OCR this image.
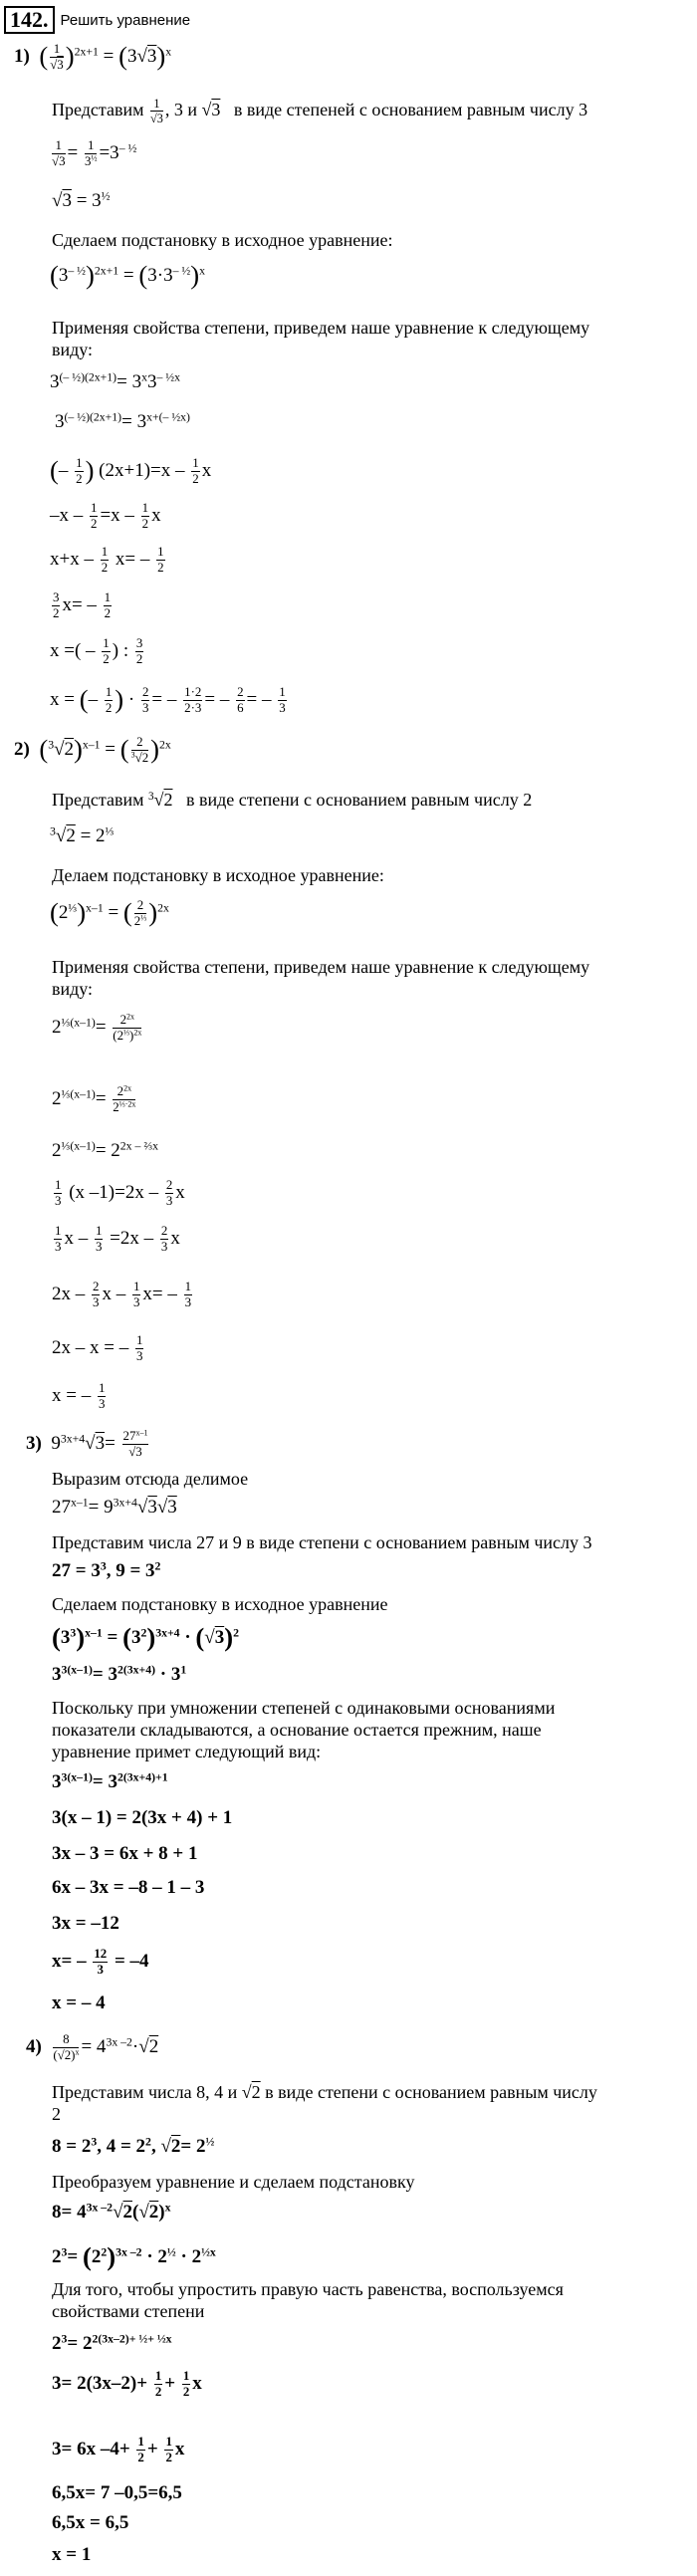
142. Решить уравнение
1) ( $\frac{1}{√3} )^{2x+1} = (3√3)^x$
Представим $\frac{1}{√3}$ , 3 и √3 в виде степеней с основанием равным числу 3
$\frac{1}{√3} = \frac{1}{3^{\frac{1}{2}}} =3^{- \frac{1}{2}}$
$√3 = 3^{\frac{1}{2}}$
Сделаем подстановку в исходное уравнение:
$(3^{- \frac{1}{2}})^{2x+1} = (3\cdot 3^{- \frac{1}{2}})^x$
Применяя свойства степени, приведем наше уравнение к следующему
виду:
$3^{(- \frac{1}{2})(2x+1)}= 3^x3^{- \frac{1}{2}x}$
$3^{(- \frac{1}{2})(2x+1)}= 3^{x+(- \frac{1}{2}x)}$
(– $\frac{1}{2}$ ) $(2x+1)=x - \frac{1}{2}$ x
$-x - \frac{1}{2} =x - \frac{1}{2}$ x
$x+x - \frac{1}{2} x= - \frac{1}{2}$
$\frac{3}{2} x= - \frac{1}{2}$
x =( – $\frac{1}{2}$ ) : $\frac{3}{2}$
x = (– $\frac{1}{2}$ ) · $\frac{2}{3}$ = – $\frac{1\cdot 2}{2\cdot 3}$ = – $\frac{2}{6}$ = – $\frac{1}{3}$
2) $(^3√2)^{x-1}$ = ( $\frac{2}{^3√2} )^{2x}$
Представим $^3$√2 в виде степени с основанием равным числу 2
$^3√2 = 2^{\frac{1}{3}}$
Делаем подстановку в исходное уравнение:
$(2^{\frac{1}{3}})^{x-1}$ = ( $\frac{2}{2^{\frac{1}{3}}} )^{2x}$
Применяя свойства степени, приведем наше уравнение к следующему
виду:
$2^{\frac{1}{3}(x-1)}= \frac{2^{2x}}{(2^{\frac{1}{3}})^{2x}}$
$2^{\frac{1}{3}(x-1)}= \frac{2^{2x}}{2^{\frac{1}{3}\cdot 2x}}$
$2^{\frac{1}{3}(x-1)}= 2^{2x - \frac{2}{3}x}$
$\frac{1}{3} (x$ $-1)=2x - \frac{2}{3}$ x
$\frac{1}{3}$ $x - \frac{1}{3} =2x - \frac{2}{3}$ x
$2x - \frac{2}{3}$ $x - \frac{1}{3} x= - \frac{1}{3}$
2x – x = – $\frac{1}{3}$
x = – $\frac{1}{3}$
3)  $9^{3x+4}√3= \frac{27^{x-1}}{√3}$
Выразим отсюда делимое
$27^{x-1}= 9^{3x+4}√3√3$
Представим числа 27 и 9 в виде степени с основанием равным числу 3
$27 = 3^3$, $9 = 3^2$
Сделаем подстановку в исходное уравнение
$(3^3)^{x-1} = (3^2)^{3x+4} \cdot (√3)^2$
$3^{3(x-1)}= 3^{2(3x+4)} \cdot 3^1$
Поскольку при умножении степеней с одинаковыми основаниями
показатели складываются, а основание остается прежним, наше
уравнение примет следующий вид:
$3^{3(x-1)}= 3^{2(3x+4)+1}$
3(x – 1) = 2(3x + 4) + 1
3x – 3 = 6x + 8 + 1
6x – 3x = –8 – 1 – 3
3x = –12
$x= - \frac{12}{3} = -4$
x = – 4
$4) \frac{8}{(√2)^x} = 4^{3x -2}\cdot√2$
Представим числа 8, 4 и √2 в виде степени с основанием равным числу
2
$8 = 2^3$, $4 = 2^2$, $√2= 2^{\frac{1}{2}}$
Преобразуем уравнение и сделаем подстановку
$8= 4^{3x -2}√2(√2)^x$
$2^3= (2^2)^{3x -2} \cdot 2^{\frac{1}{2}} \cdot 2^{\frac{1}{2}x}$
Для того, чтобы упростить правую часть равенства, воспользуемся
свойствами степени
$2^3= 2^{2(3x-2)+ \frac{1}{2}+ \frac{1}{2}x}$
$3= 2(3x-2)+ \frac{1}{2} + \frac{1}{2}$ x
3= 6x $-4+ \frac{1}{2} + \frac{1}{2}$ x
6,5x= 7 –0,5=6,5
6,5x = 6,5
x = 1
